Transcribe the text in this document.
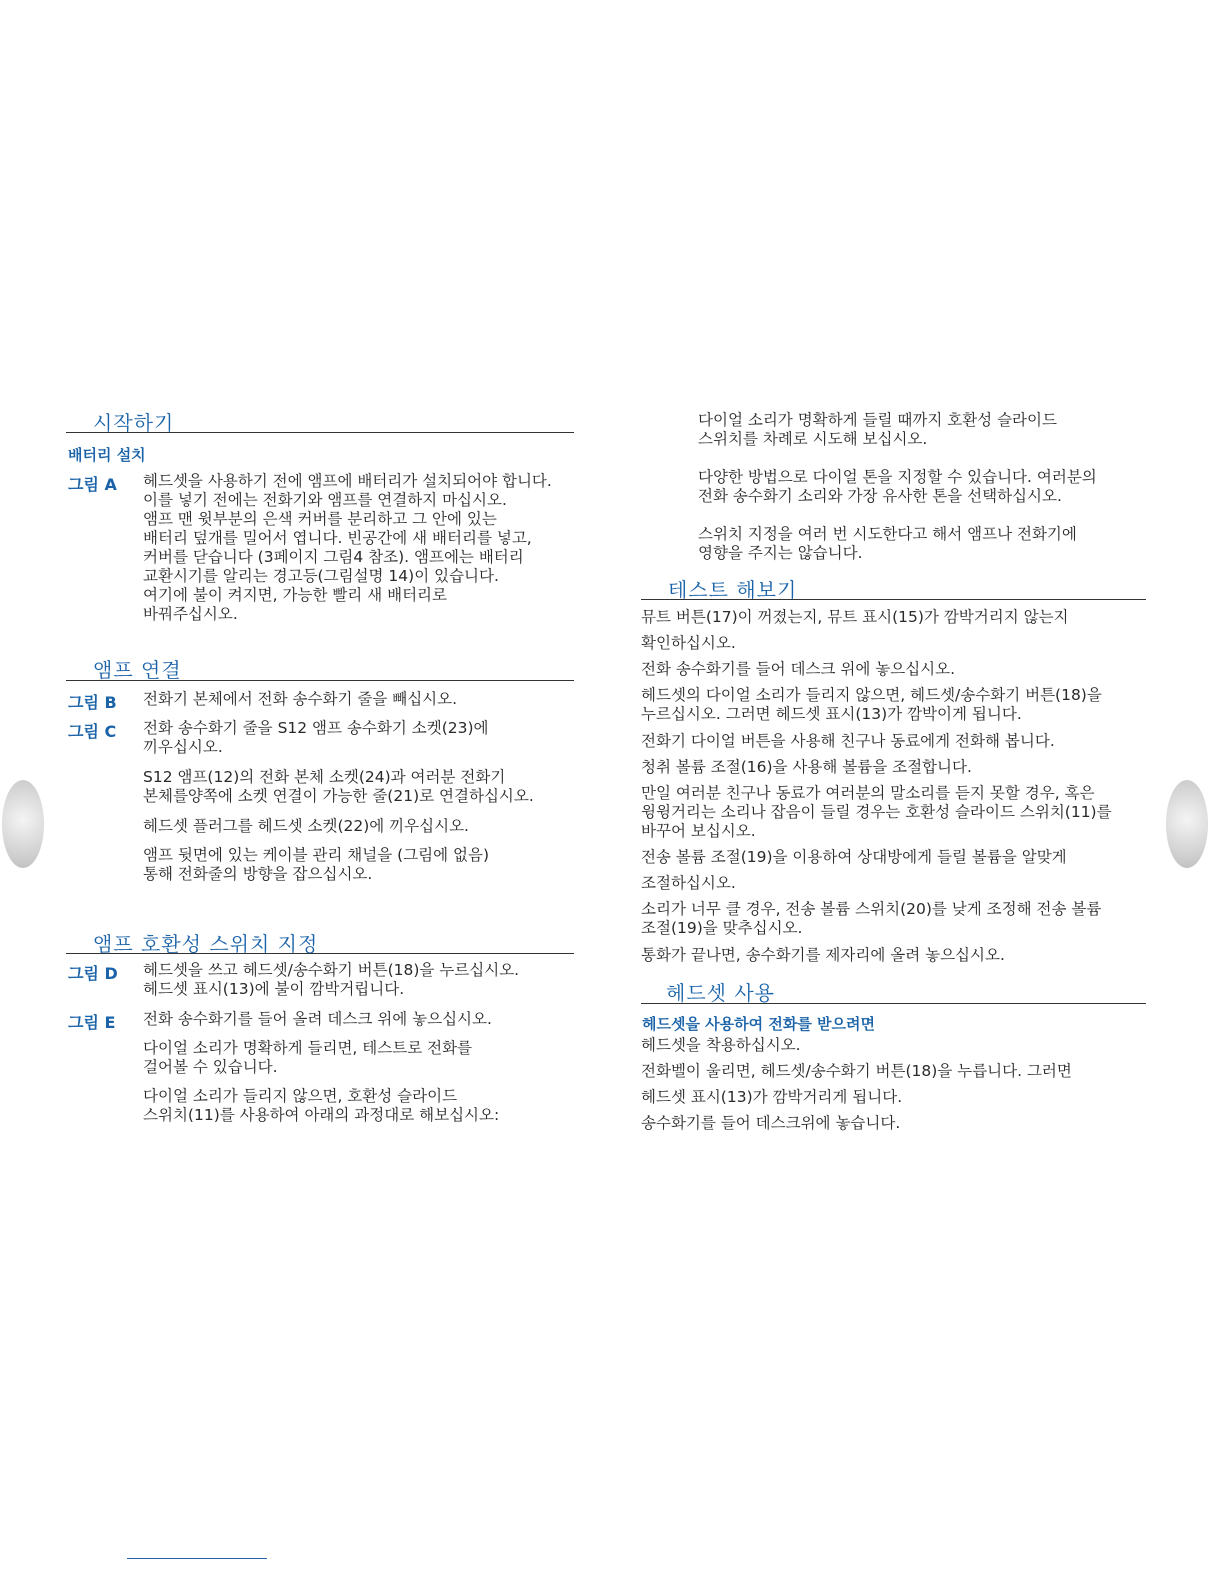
시작하기
배터리 설치
그림 A 헤드셋을 사용하기 전에 앰프에 배터리가 설치되어야 합니다.
이를 넣기 전에는 전화기와 앰프를 연결하지 마십시오.
앰프 맨 윗부분의 은색 커버를 분리하고 그 안에 있는
배터리 덮개를 밀어서 엽니다. 빈공간에 새 배터리를 넣고,
커버를 닫습니다 (3페이지 그림4 참조). 앰프에는 배터리
교환시기를 알리는 경고등(그림설명 14)이 있습니다.
여기에 불이 켜지면, 가능한 빨리 새 배터리로
바꿔주십시오.
앰프 연결
그림 B 전화기 본체에서 전화 송수화기 줄을 빼십시오.
그림 C 전화 송수화기 줄을 S12 앰프 송수화기 소켓(23)에
끼우십시오.
S12 앰프(12)의 전화 본체 소켓(24)과 여러분 전화기
본체를양쪽에 소켓 연결이 가능한 줄(21)로 연결하십시오.
헤드셋 플러그를 헤드셋 소켓(22)에 끼우십시오.
앰프 뒷면에 있는 케이블 관리 채널을 (그림에 없음)
통해 전화줄의 방향을 잡으십시오.
앰프 호환성 스위치 지정
그림 D 헤드셋을 쓰고 헤드셋/송수화기 버튼(18)을 누르십시오.
헤드셋 표시(13)에 불이 깜박거립니다.
그림 E 전화 송수화기를 들어 올려 데스크 위에 놓으십시오.
다이얼 소리가 명확하게 들리면, 테스트로 전화를
걸어볼 수 있습니다.
다이얼 소리가 들리지 않으면, 호환성 슬라이드
스위치(11)를 사용하여 아래의 과정대로 해보십시오:
다이얼 소리가 명확하게 들릴 때까지 호환성 슬라이드
스위치를 차례로 시도해 보십시오.
다양한 방법으로 다이얼 톤을 지정할 수 있습니다. 여러분의
전화 송수화기 소리와 가장 유사한 톤을 선택하십시오.
스위치 지정을 여러 번 시도한다고 해서 앰프나 전화기에
영향을 주지는 않습니다.
테스트 해보기
뮤트 버튼(17)이 꺼졌는지, 뮤트 표시(15)가 깜박거리지 않는지
확인하십시오.
전화 송수화기를 들어 데스크 위에 놓으십시오.
헤드셋의 다이얼 소리가 들리지 않으면, 헤드셋/송수화기 버튼(18)을
누르십시오. 그러면 헤드셋 표시(13)가 깜박이게 됩니다.
전화기 다이얼 버튼을 사용해 친구나 동료에게 전화해 봅니다.
청취 볼륨 조절(16)을 사용해 볼륨을 조절합니다.
만일 여러분 친구나 동료가 여러분의 말소리를 듣지 못할 경우, 혹은
윙윙거리는 소리나 잡음이 들릴 경우는 호환성 슬라이드 스위치(11)를
바꾸어 보십시오.
전송 볼륨 조절(19)을 이용하여 상대방에게 들릴 볼륨을 알맞게
조절하십시오.
소리가 너무 클 경우, 전송 볼륨 스위치(20)를 낮게 조정해 전송 볼륨
조절(19)을 맞추십시오.
통화가 끝나면, 송수화기를 제자리에 올려 놓으십시오.
헤드셋 사용
헤드셋을 사용하여 전화를 받으려면
헤드셋을 착용하십시오.
전화벨이 울리면, 헤드셋/송수화기 버튼(18)을 누릅니다. 그러면
헤드셋 표시(13)가 깜박거리게 됩니다.
송수화기를 들어 데스크위에 놓습니다.
